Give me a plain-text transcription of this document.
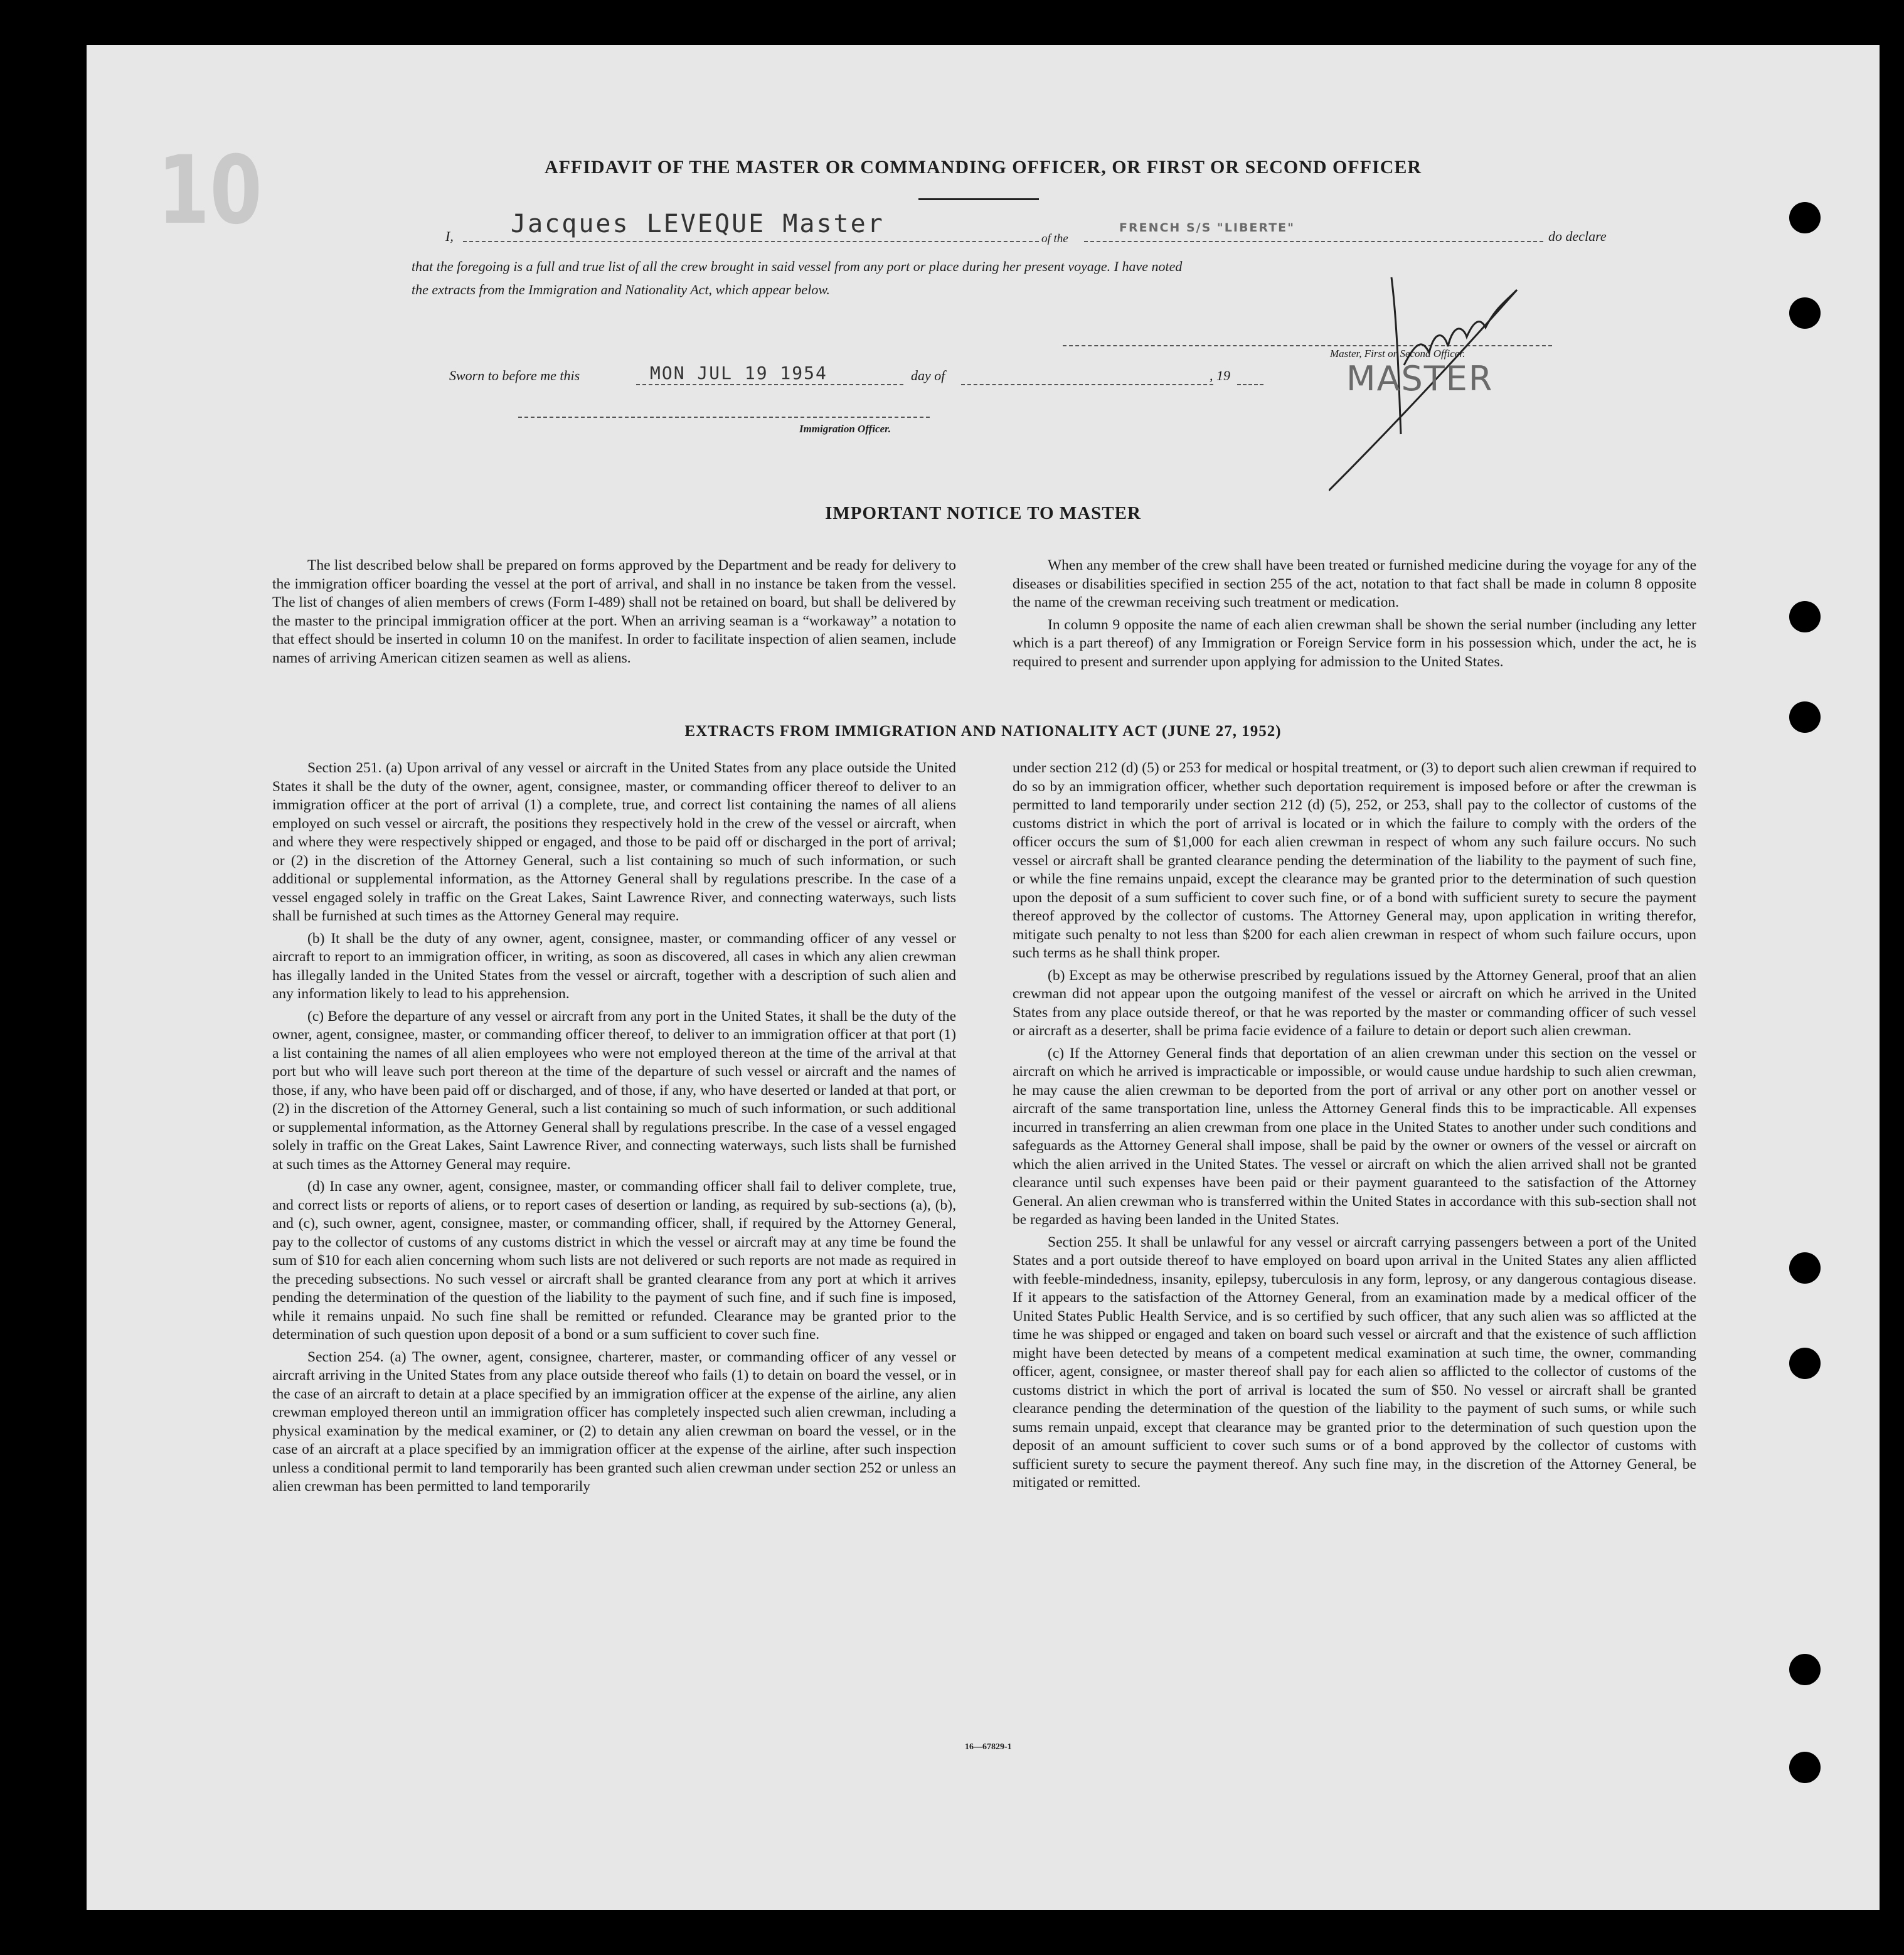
10	AFFIDAVIT OF THE MASTER OR COMMANDING OFFICER, OR FIRST OR SECOND OFFICER
I, Jacques LEVEQUE Master
of the
FRENCH S/S "LIBERTE"
do declare
that the foregoing is a full and true list of all the crew brought in said vessel from any port or place during her present voyage. I have noted
the extracts from the Immigration and Nationality Act, which appear below.
Master, First or Second Officer.
MASTER
Sworn to before me this	MON JUL 19 1954	day of	, 19
Immigration Officer.
IMPORTANT NOTICE TO MASTER

The list described below shall be prepared on forms approved by the Department and be ready for delivery to the immigration officer boarding the vessel at the port of arrival, and shall in no instance be taken from the vessel. The list of changes of alien members of crews (Form I-489) shall not be retained on board, but shall be delivered by the master to the principal immigration officer at the port. When an arriving seaman is a “workaway” a notation to that effect should be inserted in column 10 on the manifest. In order to facilitate inspection of alien seamen, include names of arriving American citizen seamen as well as aliens.

When any member of the crew shall have been treated or furnished medicine during the voyage for any of the diseases or disabilities specified in section 255 of the act, notation to that fact shall be made in column 8 opposite the name of the crewman receiving such treatment or medication.

In column 9 opposite the name of each alien crewman shall be shown the serial number (including any letter which is a part thereof) of any Immigration or Foreign Service form in his possession which, under the act, he is required to present and surrender upon applying for admission to the United States.

EXTRACTS FROM IMMIGRATION AND NATIONALITY ACT (JUNE 27, 1952)

Section 251. (a) Upon arrival of any vessel or aircraft in the United States from any place outside the United States it shall be the duty of the owner, agent, consignee, master, or commanding officer thereof to deliver to an immigration officer at the port of arrival (1) a complete, true, and correct list containing the names of all aliens employed on such vessel or aircraft, the positions they respectively hold in the crew of the vessel or aircraft, when and where they were respectively shipped or engaged, and those to be paid off or discharged in the port of arrival; or (2) in the discretion of the Attorney General, such a list containing so much of such information, or such additional or supplemental information, as the Attorney General shall by regulations prescribe. In the case of a vessel engaged solely in traffic on the Great Lakes, Saint Lawrence River, and connecting waterways, such lists shall be furnished at such times as the Attorney General may require.

(b) It shall be the duty of any owner, agent, consignee, master, or commanding officer of any vessel or aircraft to report to an immigration officer, in writing, as soon as discovered, all cases in which any alien crewman has illegally landed in the United States from the vessel or aircraft, together with a description of such alien and any information likely to lead to his apprehension.

(c) Before the departure of any vessel or aircraft from any port in the United States, it shall be the duty of the owner, agent, consignee, master, or commanding officer thereof, to deliver to an immigration officer at that port (1) a list containing the names of all alien employees who were not employed thereon at the time of the arrival at that port but who will leave such port thereon at the time of the departure of such vessel or aircraft and the names of those, if any, who have been paid off or discharged, and of those, if any, who have deserted or landed at that port, or (2) in the discretion of the Attorney General, such a list containing so much of such information, or such additional or supplemental information, as the Attorney General shall by regulations prescribe. In the case of a vessel engaged solely in traffic on the Great Lakes, Saint Lawrence River, and connecting waterways, such lists shall be furnished at such times as the Attorney General may require.

(d) In case any owner, agent, consignee, master, or commanding officer shall fail to deliver complete, true, and correct lists or reports of aliens, or to report cases of desertion or landing, as required by sub-sections (a), (b), and (c), such owner, agent, consignee, master, or commanding officer, shall, if required by the Attorney General, pay to the collector of customs of any customs district in which the vessel or aircraft may at any time be found the sum of $10 for each alien concerning whom such lists are not delivered or such reports are not made as required in the preceding subsections. No such vessel or aircraft shall be granted clearance from any port at which it arrives pending the determination of the question of the liability to the payment of such fine, and if such fine is imposed, while it remains unpaid. No such fine shall be remitted or refunded. Clearance may be granted prior to the determination of such question upon deposit of a bond or a sum sufficient to cover such fine.

Section 254. (a) The owner, agent, consignee, charterer, master, or commanding officer of any vessel or aircraft arriving in the United States from any place outside thereof who fails (1) to detain on board the vessel, or in the case of an aircraft to detain at a place specified by an immigration officer at the expense of the airline, any alien crewman employed thereon until an immigration officer has completely inspected such alien crewman, including a physical examination by the medical examiner, or (2) to detain any alien crewman on board the vessel, or in the case of an aircraft at a place specified by an immigration officer at the expense of the airline, after such inspection unless a conditional permit to land temporarily has been granted such alien crewman under section 252 or unless an alien crewman has been permitted to land temporarily

under section 212 (d) (5) or 253 for medical or hospital treatment, or (3) to deport such alien crewman if required to do so by an immigration officer, whether such deportation requirement is imposed before or after the crewman is permitted to land temporarily under section 212 (d) (5), 252, or 253, shall pay to the collector of customs of the customs district in which the port of arrival is located or in which the failure to comply with the orders of the officer occurs the sum of $1,000 for each alien crewman in respect of whom any such failure occurs. No such vessel or aircraft shall be granted clearance pending the determination of the liability to the payment of such fine, or while the fine remains unpaid, except the clearance may be granted prior to the determination of such question upon the deposit of a sum sufficient to cover such fine, or of a bond with sufficient surety to secure the payment thereof approved by the collector of customs. The Attorney General may, upon application in writing therefor, mitigate such penalty to not less than $200 for each alien crewman in respect of whom such failure occurs, upon such terms as he shall think proper.

(b) Except as may be otherwise prescribed by regulations issued by the Attorney General, proof that an alien crewman did not appear upon the outgoing manifest of the vessel or aircraft on which he arrived in the United States from any place outside thereof, or that he was reported by the master or commanding officer of such vessel or aircraft as a deserter, shall be prima facie evidence of a failure to detain or deport such alien crewman.

(c) If the Attorney General finds that deportation of an alien crewman under this section on the vessel or aircraft on which he arrived is impracticable or impossible, or would cause undue hardship to such alien crewman, he may cause the alien crewman to be deported from the port of arrival or any other port on another vessel or aircraft of the same transportation line, unless the Attorney General finds this to be impracticable. All expenses incurred in transferring an alien crewman from one place in the United States to another under such conditions and safeguards as the Attorney General shall impose, shall be paid by the owner or owners of the vessel or aircraft on which the alien arrived in the United States. The vessel or aircraft on which the alien arrived shall not be granted clearance until such expenses have been paid or their payment guaranteed to the satisfaction of the Attorney General. An alien crewman who is transferred within the United States in accordance with this sub-section shall not be regarded as having been landed in the United States.

Section 255. It shall be unlawful for any vessel or aircraft carrying passengers between a port of the United States and a port outside thereof to have employed on board upon arrival in the United States any alien afflicted with feeble-mindedness, insanity, epilepsy, tuberculosis in any form, leprosy, or any dangerous contagious disease. If it appears to the satisfaction of the Attorney General, from an examination made by a medical officer of the United States Public Health Service, and is so certified by such officer, that any such alien was so afflicted at the time he was shipped or engaged and taken on board such vessel or aircraft and that the existence of such affliction might have been detected by means of a competent medical examination at such time, the owner, commanding officer, agent, consignee, or master thereof shall pay for each alien so afflicted to the collector of customs of the customs district in which the port of arrival is located the sum of $50. No vessel or aircraft shall be granted clearance pending the determination of the question of the liability to the payment of such sums, or while such sums remain unpaid, except that clearance may be granted prior to the determination of such question upon the deposit of an amount sufficient to cover such sums or of a bond approved by the collector of customs with sufficient surety to secure the payment thereof. Any such fine may, in the discretion of the Attorney General, be mitigated or remitted.

16—67829-1
